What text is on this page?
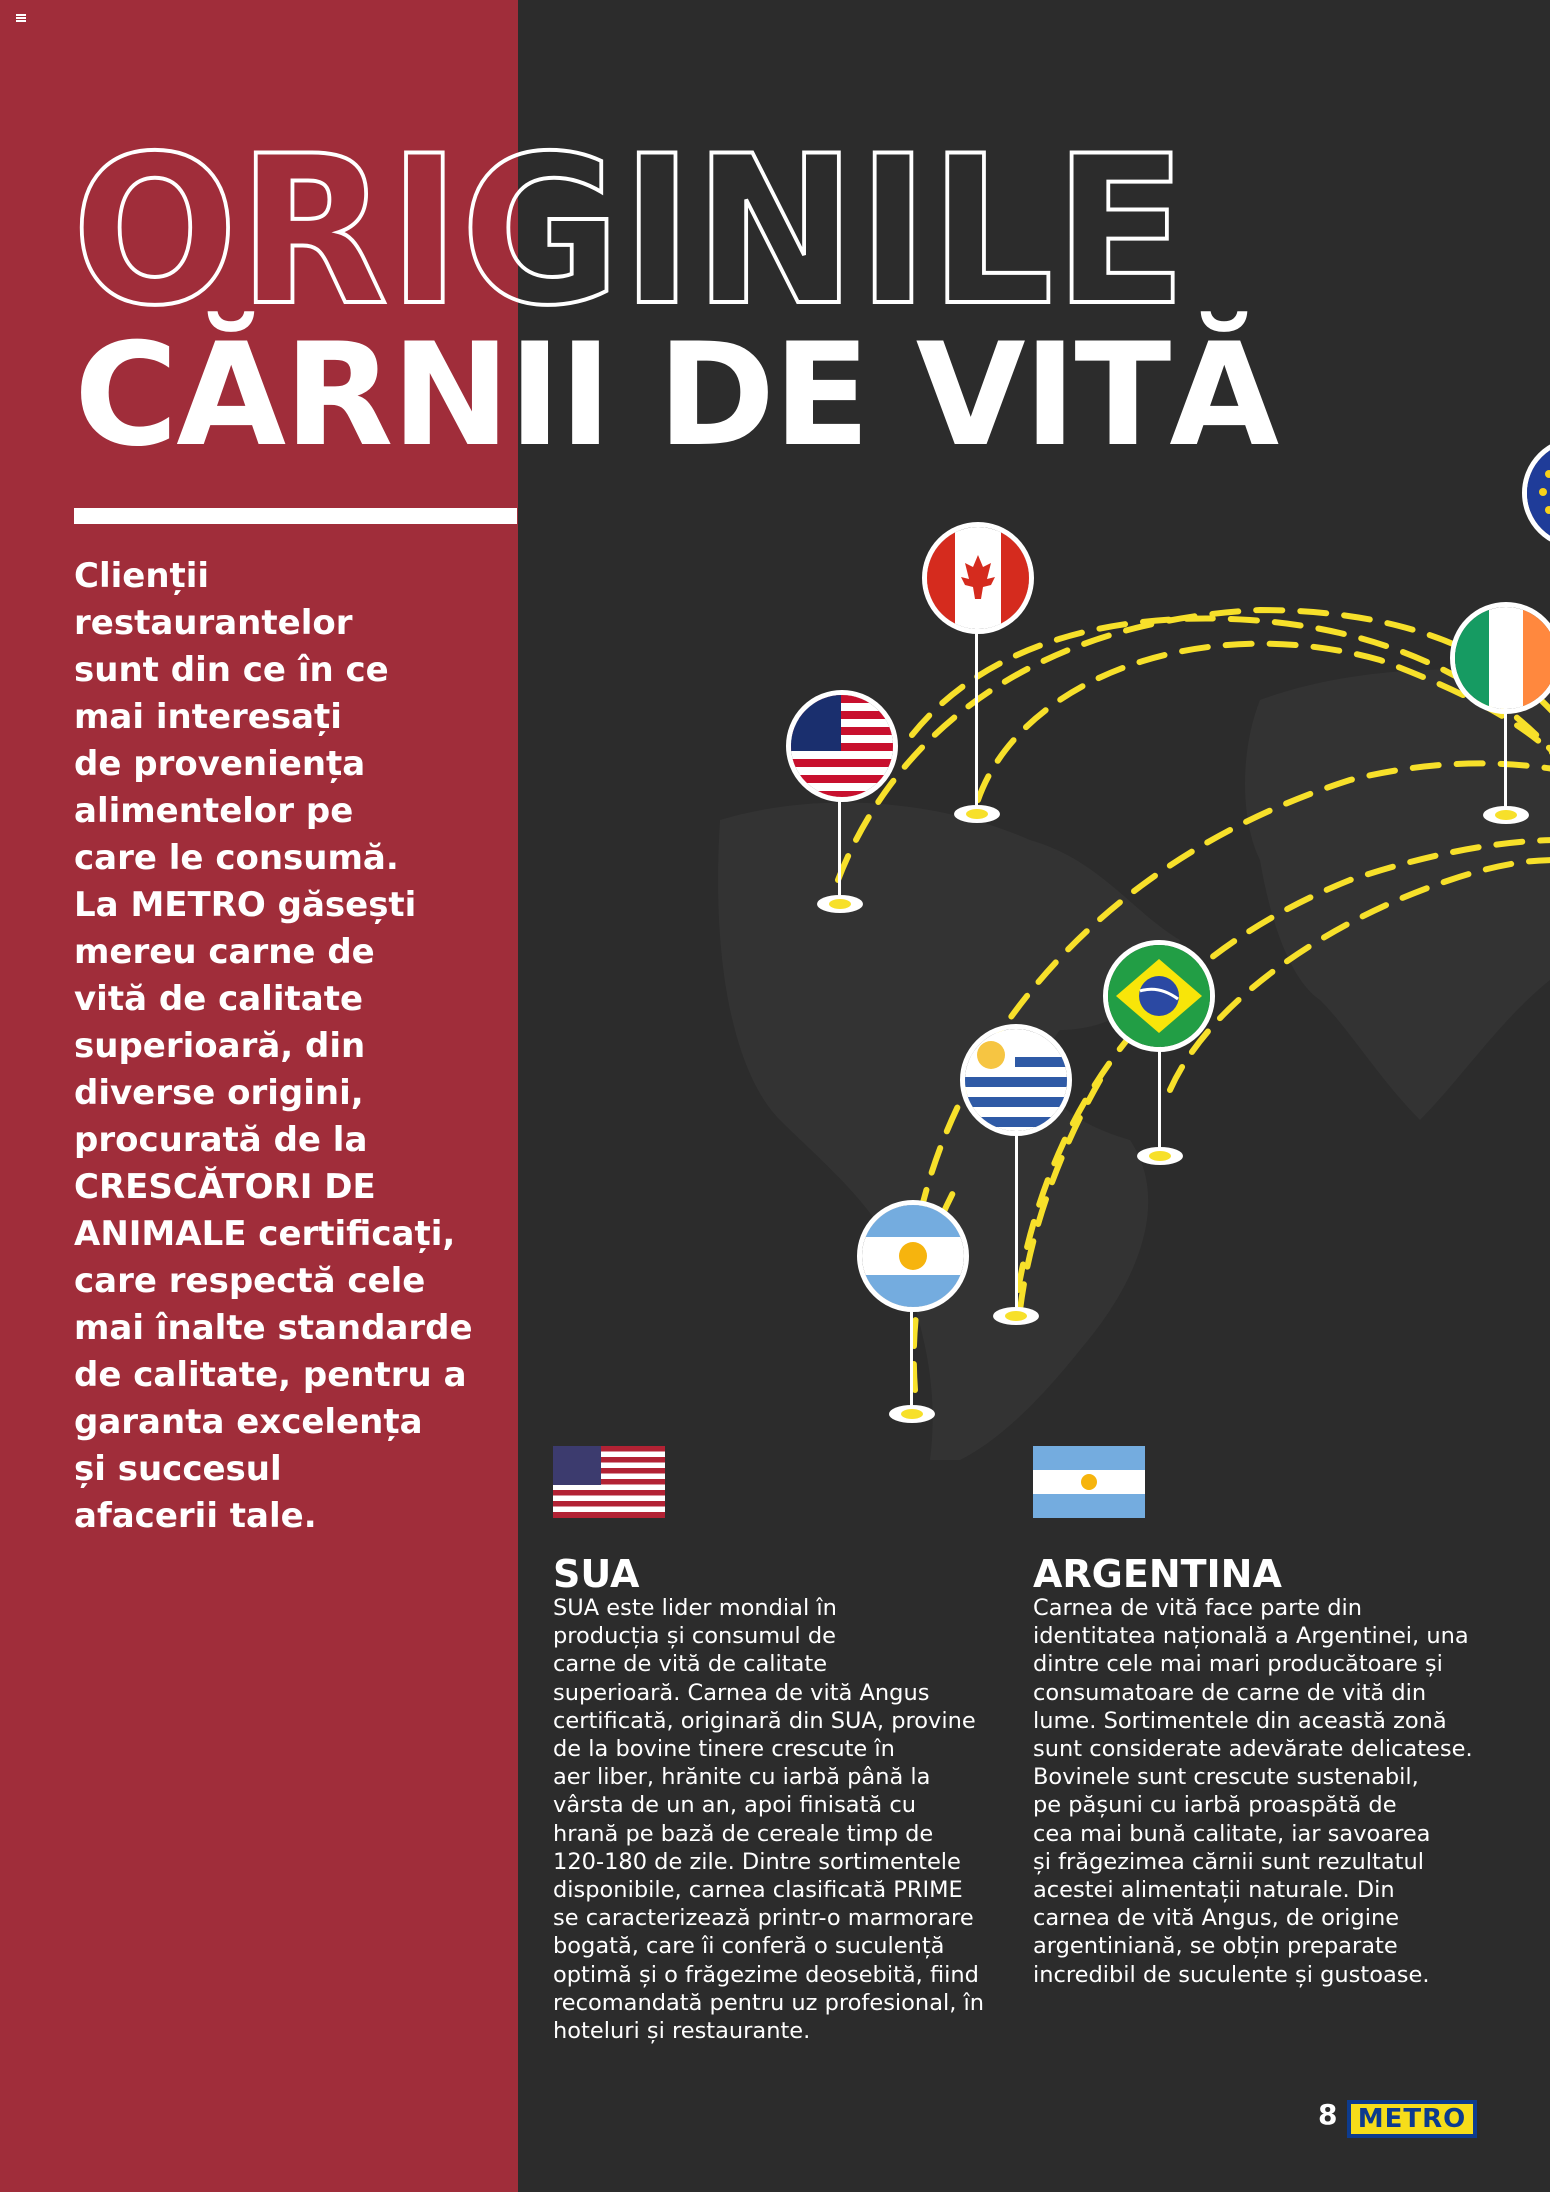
ORIGINILE
CĂRNII DE VITĂ
Clienții
restaurantelor
sunt din ce în ce
mai interesați
de proveniența
alimentelor pe
care le consumă.
La METRO găsești
mereu carne de
vită de calitate
superioară, din
diverse origini,
procurată de la
CRESCĂTORI DE
ANIMALE certificați,
care respectă cele
mai înalte standarde
de calitate, pentru a
garanta excelența
și succesul
afacerii tale.
SUA
SUA este lider mondial în
producția și consumul de
carne de vită de calitate
superioară. Carnea de vită Angus
certificată, originară din SUA, provine
de la bovine tinere crescute în
aer liber, hrănite cu iarbă până la
vârsta de un an, apoi finisată cu
hrană pe bază de cereale timp de
120-180 de zile. Dintre sortimentele
disponibile, carnea clasificată PRIME
se caracterizează printr-o marmorare
bogată, care îi conferă o suculență
optimă și o frăgezime deosebită, fiind
recomandată pentru uz profesional, în
hoteluri și restaurante.
ARGENTINA
Carnea de vită face parte din
identitatea națională a Argentinei, una
dintre cele mai mari producătoare și
consumatoare de carne de vită din
lume. Sortimentele din această zonă
sunt considerate adevărate delicatese.
Bovinele sunt crescute sustenabil,
pe pășuni cu iarbă proaspătă de
cea mai bună calitate, iar savoarea
și frăgezimea cărnii sunt rezultatul
acestei alimentații naturale. Din
carnea de vită Angus, de origine
argentiniană, se obțin preparate
incredibil de suculente și gustoase.
8 METRO
